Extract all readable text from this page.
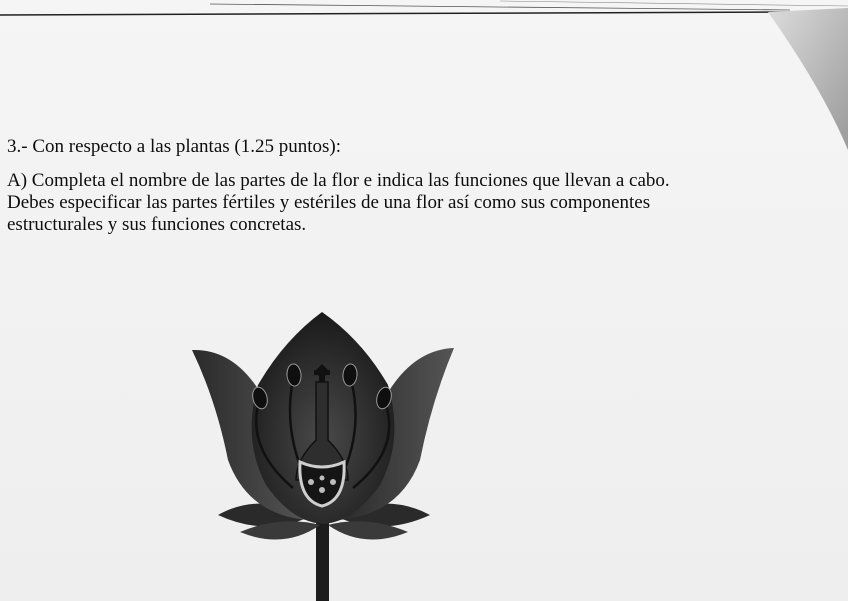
3.- Con respecto a las plantas (1.25 puntos):

A) Completa el nombre de las partes de la flor e indica las funciones que llevan a cabo.
Debes especificar las partes fértiles y estériles de una flor así como sus componentes
estructurales y sus funciones concretas.
